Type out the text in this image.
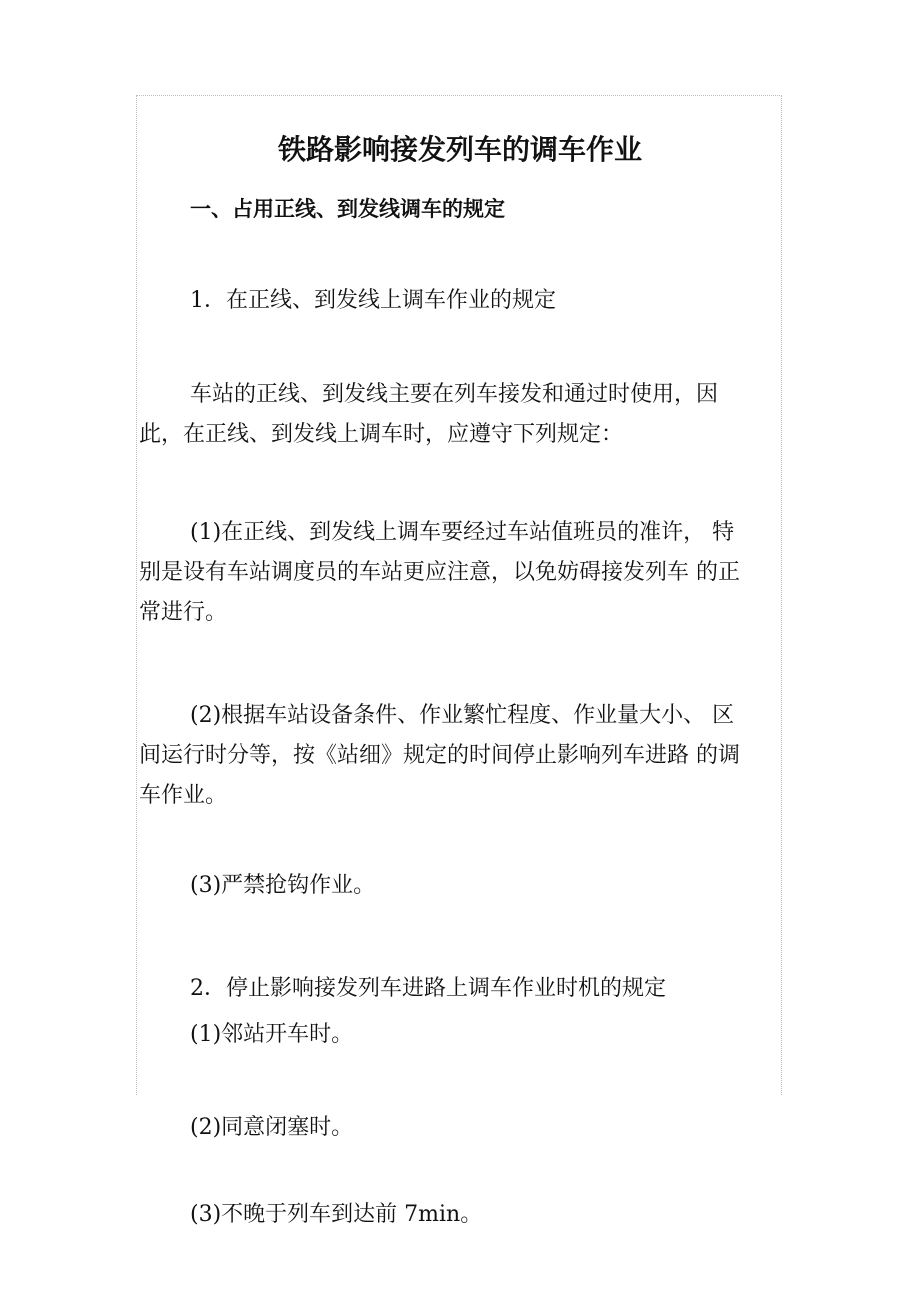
铁路影响接发列车的调车作业
一、占用正线、到发线调车的规定
1．在正线、到发线上调车作业的规定
车站的正线、到发线主要在列车接发和通过时使用，因
此，在正线、到发线上调车时，应遵守下列规定：
(1)在正线、到发线上调车要经过车站值班员的准许， 特
别是设有车站调度员的车站更应注意，以免妨碍接发列车 的正
常进行。
(2)根据车站设备条件、作业繁忙程度、作业量大小、 区
间运行时分等，按《站细》规定的时间停止影响列车进路 的调
车作业。
(3)严禁抢钩作业。
2．停止影响接发列车进路上调车作业时机的规定
(1)邻站开车时。
(2)同意闭塞时。
(3)不晚于列车到达前 7min。
